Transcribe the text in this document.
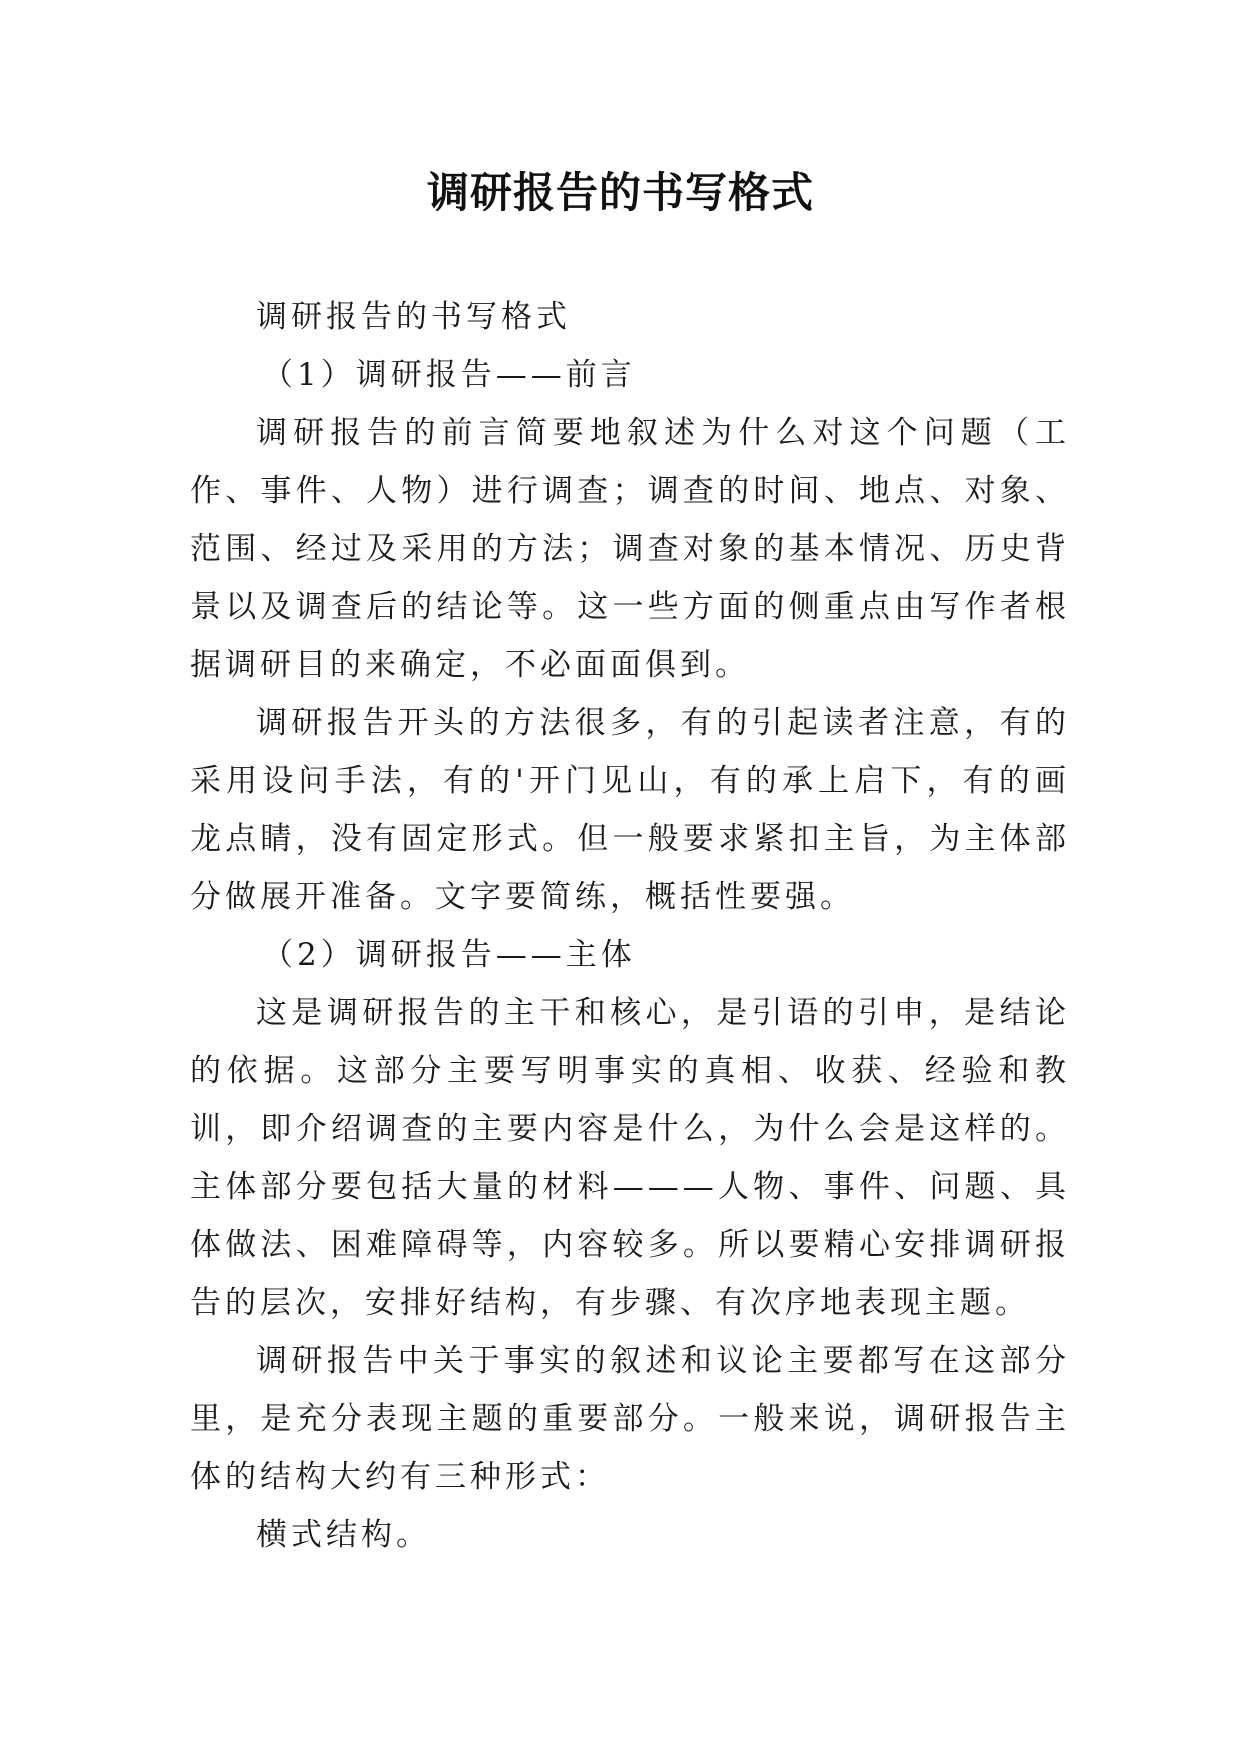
调研报告的书写格式

调研报告的书写格式

（1）调研报告——前言

调研报告的前言简要地叙述为什么对这个问题（工作、事件、人物）进行调查；调查的时间、地点、对象、范围、经过及采用的方法；调查对象的基本情况、历史背景以及调查后的结论等。这一些方面的侧重点由写作者根据调研目的来确定，不必面面俱到。

调研报告开头的方法很多，有的引起读者注意，有的采用设问手法，有的'开门见山，有的承上启下，有的画龙点睛，没有固定形式。但一般要求紧扣主旨，为主体部分做展开准备。文字要简练，概括性要强。

（2）调研报告——主体

这是调研报告的主干和核心，是引语的引申，是结论的依据。这部分主要写明事实的真相、收获、经验和教训，即介绍调查的主要内容是什么，为什么会是这样的。主体部分要包括大量的材料———人物、事件、问题、具体做法、困难障碍等，内容较多。所以要精心安排调研报告的层次，安排好结构，有步骤、有次序地表现主题。

调研报告中关于事实的叙述和议论主要都写在这部分里，是充分表现主题的重要部分。一般来说，调研报告主体的结构大约有三种形式：

横式结构。
